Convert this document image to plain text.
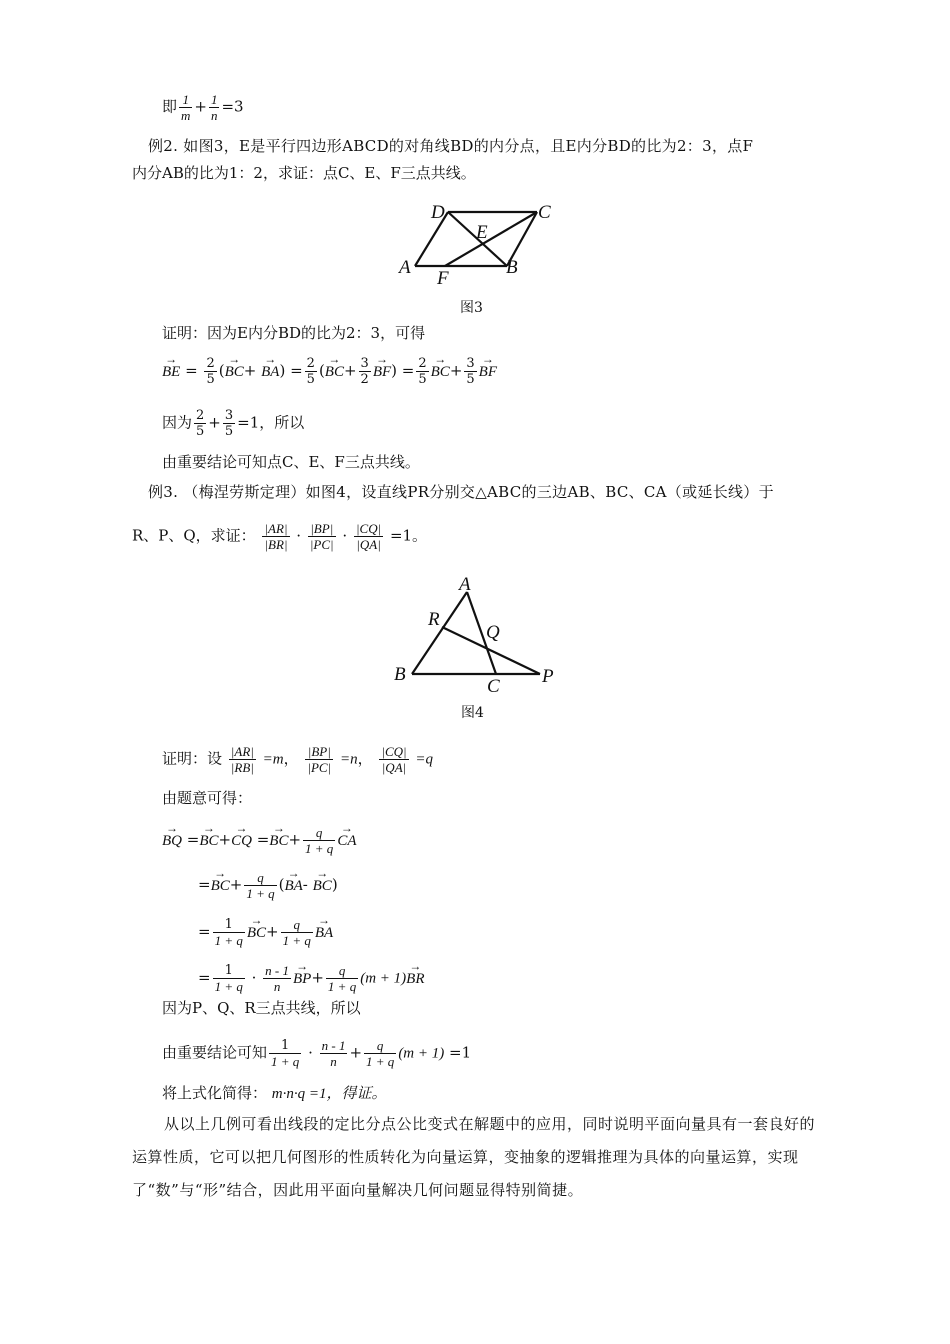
即 $\frac{1}{m} + \frac{1}{n} =3$
例2. 如图3，E是平行四边形ABCD的对角线BD的内分点，且E内分BD的比为2：3，点F
内分AB的比为1：2，求证：点C、E、F三点共线。
A
F
B
D	C
E
图3
证明：因为E内分BD的比为2：3，可得
→ BE = $\frac{2}{5}$ (→ $BC+ \to BA) = \frac{2}{5}$ (→ $BC+ \frac{3}{2}$
→ $BF) = \frac{2}{5}$
→ $BC+ \frac{3}{5}$
→ BF
因为 $\frac{2}{5} + \frac{3}{5} =1$，所以
由重要结论可知点C、E、F三点共线。
例3. （梅涅劳斯定理）如图4，设直线PR分别交△ABC的三边AB、BC、CA（或延长线）于
R、P、Q，求证： $\frac{|AR|}{|BR|} \cdot \frac{|BP|}{|PC|} \cdot \frac{|CQ|}{|QA|} =1$。
A
R
Q
B
C P
图4
证明：设 $\frac{|AR|}{|RB|} =m$， $\frac{|BP|}{|PC|} =n$， $\frac{|CQ|}{|QA|} =q$
由题意可得：
→ BQ =→ BC+→ CQ =→ $BC+ \frac{q}{1 + q}$
→ CA
=→ $BC+ \frac{q}{1 + q}$ (→ BA- → BC)
= $\frac{1}{1 + q}$
→ $BC+ \frac{q}{1 + q}$
→ BA
= $\frac{1}{1 + q} \cdot \frac{n - 1}{n}$
→ $BP+ \frac{q}{1 + q} (m + 1)\to$ BR
因为P、Q、R三点共线，所以
由重要结论可知 $\frac{1}{1 + q} \cdot \frac{n - 1}{n} + \frac{q}{1 + q} (m + 1) =1$
将上式化简得： m·n·q =1，得证。
从以上几例可看出线段的定比分点公比变式在解题中的应用，同时说明平面向量具有一套良好的运算性质，它可以把几何图形的性质转化为向量运算，变抽象的逻辑推理为具体的向量运算，实现了“数”与“形”结合，因此用平面向量解决几何问题显得特别简捷。
